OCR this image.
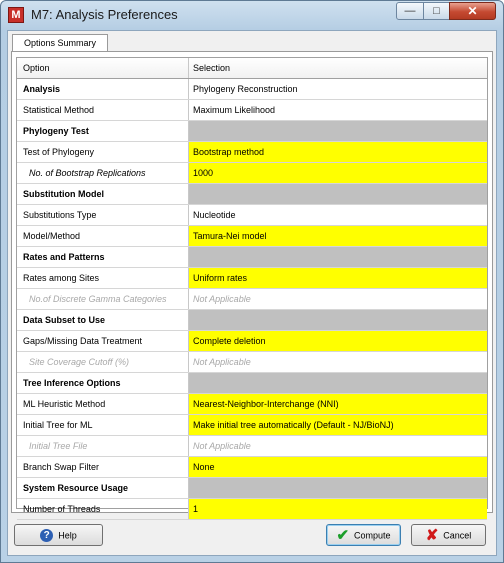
M M7: Analysis Preferences	—	□	✕
Options Summary
Option	Selection
Analysis	Phylogeny Reconstruction
Statistical Method	Maximum Likelihood
Phylogeny Test
Test of Phylogeny	Bootstrap method
No. of Bootstrap Replications	1000
Substitution Model
Substitutions Type	Nucleotide
Model/Method	Tamura-Nei model
Rates and Patterns
Rates among Sites	Uniform rates
No.of Discrete Gamma Categories	Not Applicable
Data Subset to Use
Gaps/Missing Data Treatment	Complete deletion
Site Coverage Cutoff (%)	Not Applicable
Tree Inference Options
ML Heuristic Method	Nearest-Neighbor-Interchange (NNI)
Initial Tree for ML	Make initial tree automatically (Default - NJ/BioNJ)
Initial Tree File	Not Applicable
Branch Swap Filter	None
System Resource Usage
Number of Threads	1
? Help	✔ Compute	✘ Cancel
